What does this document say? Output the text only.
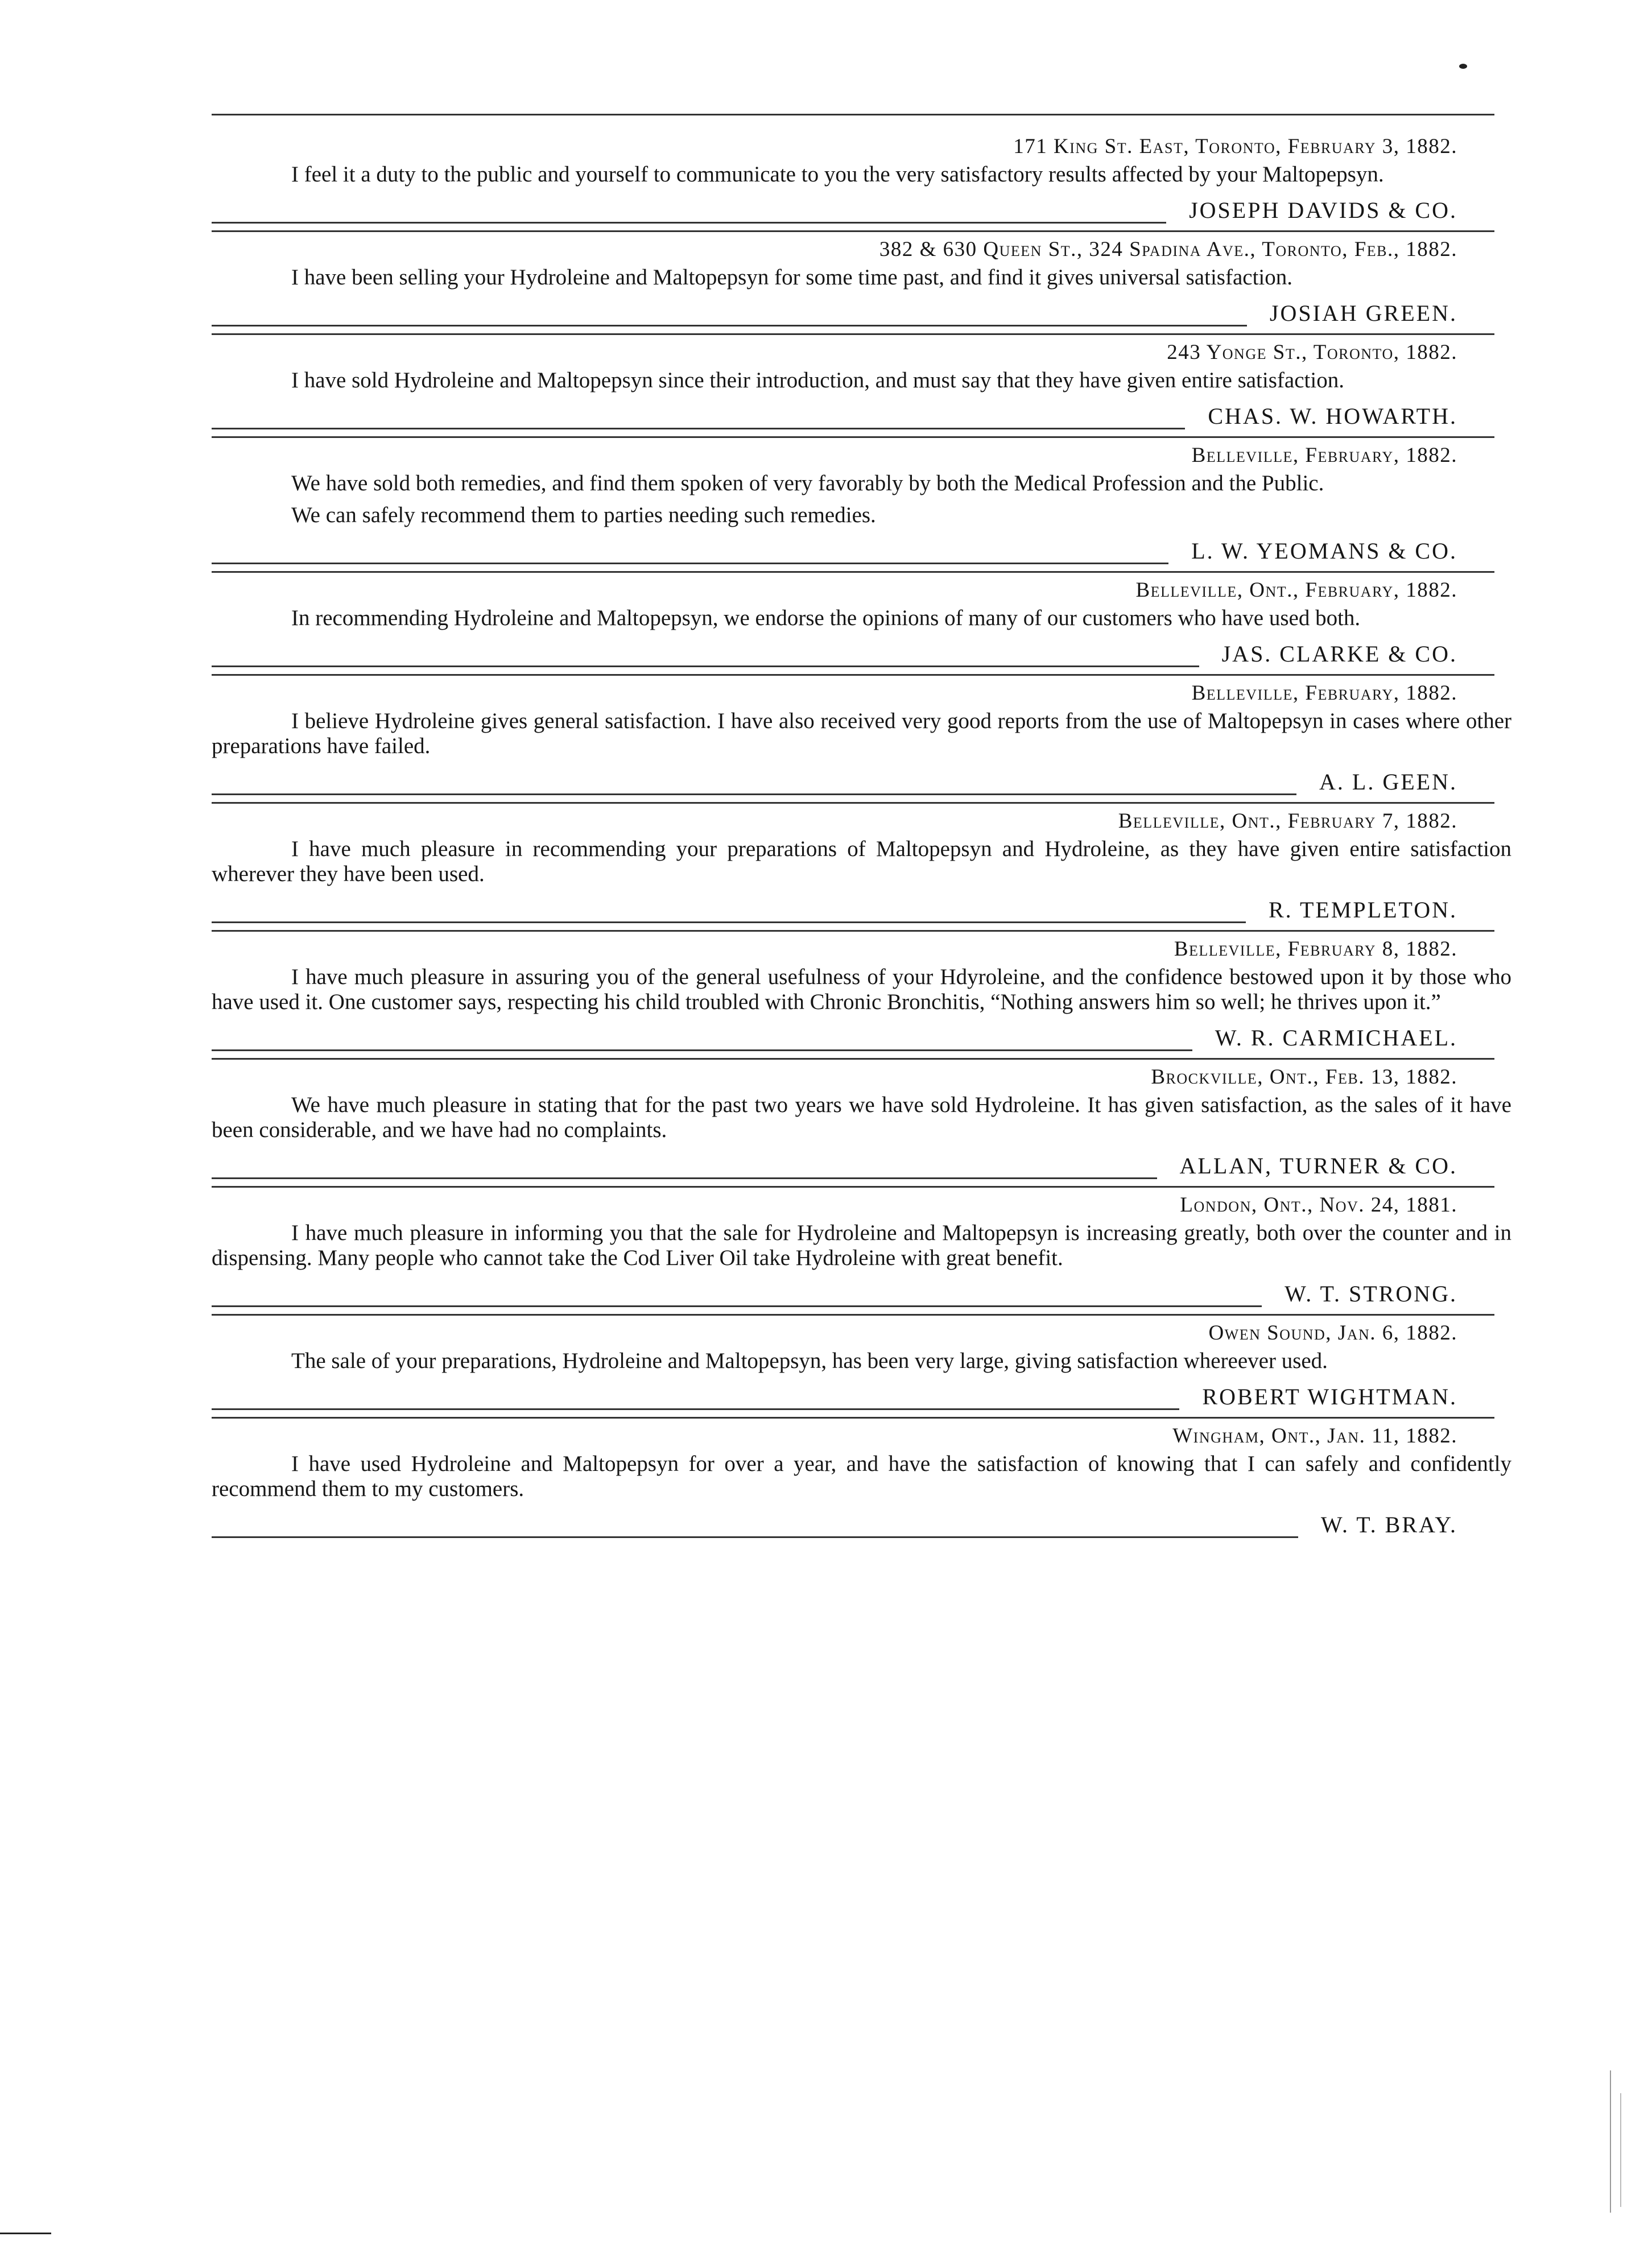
171 King St. East, Toronto, February 3, 1882.

I feel it a duty to the public and yourself to communicate to you the very satisfactory results affected by your Maltopepsyn.

JOSEPH DAVIDS & CO.

382 & 630 Queen St., 324 Spadina Ave., Toronto, Feb., 1882.

I have been selling your Hydroleine and Maltopepsyn for some time past, and find it gives universal satisfaction.

JOSIAH GREEN.

243 Yonge St., Toronto, 1882.

I have sold Hydroleine and Maltopepsyn since their introduction, and must say that they have given entire satisfaction.

CHAS. W. HOWARTH.

Belleville, February, 1882.

We have sold both remedies, and find them spoken of very favorably by both the Medical Profession and the Public.

We can safely recommend them to parties needing such remedies.

L. W. YEOMANS & CO.

Belleville, Ont., February, 1882.

In recommending Hydroleine and Maltopepsyn, we endorse the opinions of many of our customers who have used both.

JAS. CLARKE & CO.

Belleville, February, 1882.

I believe Hydroleine gives general satisfaction. I have also received very good reports from the use of Maltopepsyn in cases where other preparations have failed.

A. L. GEEN.

Belleville, Ont., February 7, 1882.

I have much pleasure in recommending your preparations of Maltopepsyn and Hydroleine, as they have given entire satisfaction wherever they have been used.

R. TEMPLETON.

Belleville, February 8, 1882.

I have much pleasure in assuring you of the general usefulness of your Hdyroleine, and the confidence bestowed upon it by those who have used it. One customer says, respecting his child troubled with Chronic Bronchitis, “Nothing answers him so well; he thrives upon it.”

W. R. CARMICHAEL.

Brockville, Ont., Feb. 13, 1882.

We have much pleasure in stating that for the past two years we have sold Hydroleine. It has given satisfaction, as the sales of it have been considerable, and we have had no complaints.

ALLAN, TURNER & CO.

London, Ont., Nov. 24, 1881.

I have much pleasure in informing you that the sale for Hydroleine and Maltopepsyn is increasing greatly, both over the counter and in dispensing. Many people who cannot take the Cod Liver Oil take Hydroleine with great benefit.

W. T. STRONG.

Owen Sound, Jan. 6, 1882.

The sale of your preparations, Hydroleine and Maltopepsyn, has been very large, giving satisfaction whereever used.

ROBERT WIGHTMAN.

Wingham, Ont., Jan. 11, 1882.

I have used Hydroleine and Maltopepsyn for over a year, and have the satisfaction of knowing that I can safely and confidently recommend them to my customers.

W. T. BRAY.
